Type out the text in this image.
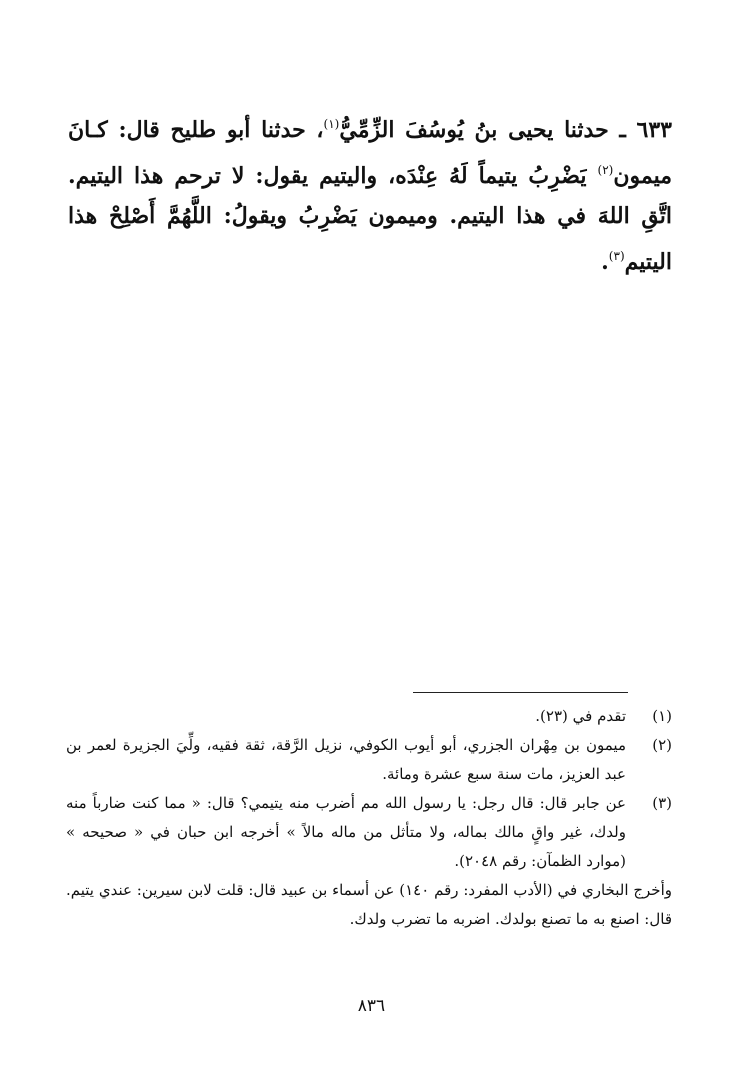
٦٣٣ ـ حدثنا يحيى بنُ يُوسُفَ الزِّمِّيُّ$^{(١)}$، حدثنا أبو طليح قال: كـانَ ميمون$^{(٢)}$ يَضْرِبُ يتيماً لَهُ عِنْدَه، واليتيم يقول: لا ترحم هذا اليتيم. اتَّقِ اللهَ في هذا اليتيم. وميمون يَضْرِبُ ويقولُ: اللَّهُمَّ أَصْلِحْ هذا اليتيم$^{(٣)}$.

(١)

تقدم في (٢٣).

(٢)

ميمون بن مِهْران الجزري، أبو أيوب الكوفي، نزيل الرَّقة، ثقة فقيه، ولِّيَ الجزيرة لعمر بن عبد العزيز، مات سنة سبع عشرة ومائة.

(٣)

عن جابر قال: قال رجل: يا رسول الله مم أضرب منه يتيمي؟ قال: « مما كنت ضارباً منه ولدك، غير واقٍ مالك بماله، ولا متأثل من ماله مالاً » أخرجه ابن حبان في « صحيحه » (موارد الظمآن: رقم ٢٠٤٨).

وأخرج البخاري في (الأدب المفرد: رقم ١٤٠) عن أسماء بن عبيد قال: قلت لابن سيرين: عندي يتيم. قال: اصنع به ما تصنع بولدك. اضربه ما تضرب ولدك.

٨٣٦
